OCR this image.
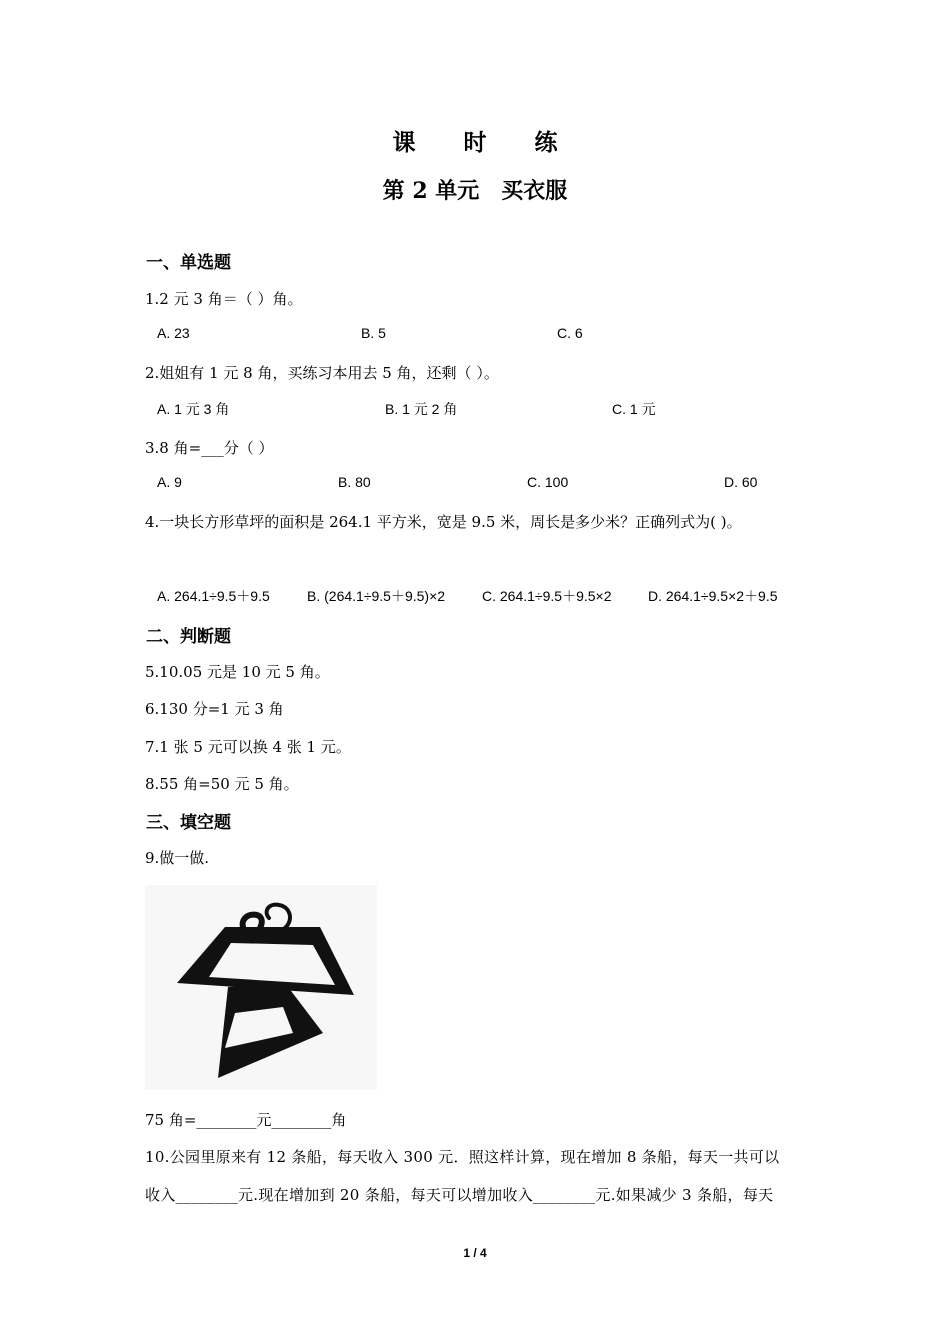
课 时 练
第 2 单元　买衣服
一、单选题
1.2 元 3 角＝（ ）角。
A. 23	B. 5	C. 6
2.姐姐有 1 元 8 角，买练习本用去 5 角，还剩（ ）。
A. 1 元 3 角	B. 1 元 2 角	C. 1 元
3.8 角=___分（ ）
A. 9	B. 80	C. 100	D. 60
4.一块长方形草坪的面积是 264.1 平方米，宽是 9.5 米，周长是多少米？正确列式为( )。
A. 264.1÷9.5＋9.5	B. (264.1÷9.5＋9.5)×2	C. 264.1÷9.5＋9.5×2	D. 264.1÷9.5×2＋9.5
二、判断题
5.10.05 元是 10 元 5 角。
6.130 分=1 元 3 角
7.1 张 5 元可以换 4 张 1 元。
8.55 角=50 元 5 角。
三、填空题
9.做一做.
75 角=________元________角
10.公园里原来有 12 条船，每天收入 300 元．照这样计算，现在增加 8 条船，每天一共可以
收入________元.现在增加到 20 条船，每天可以增加收入________元.如果减少 3 条船，每天
1 / 4
